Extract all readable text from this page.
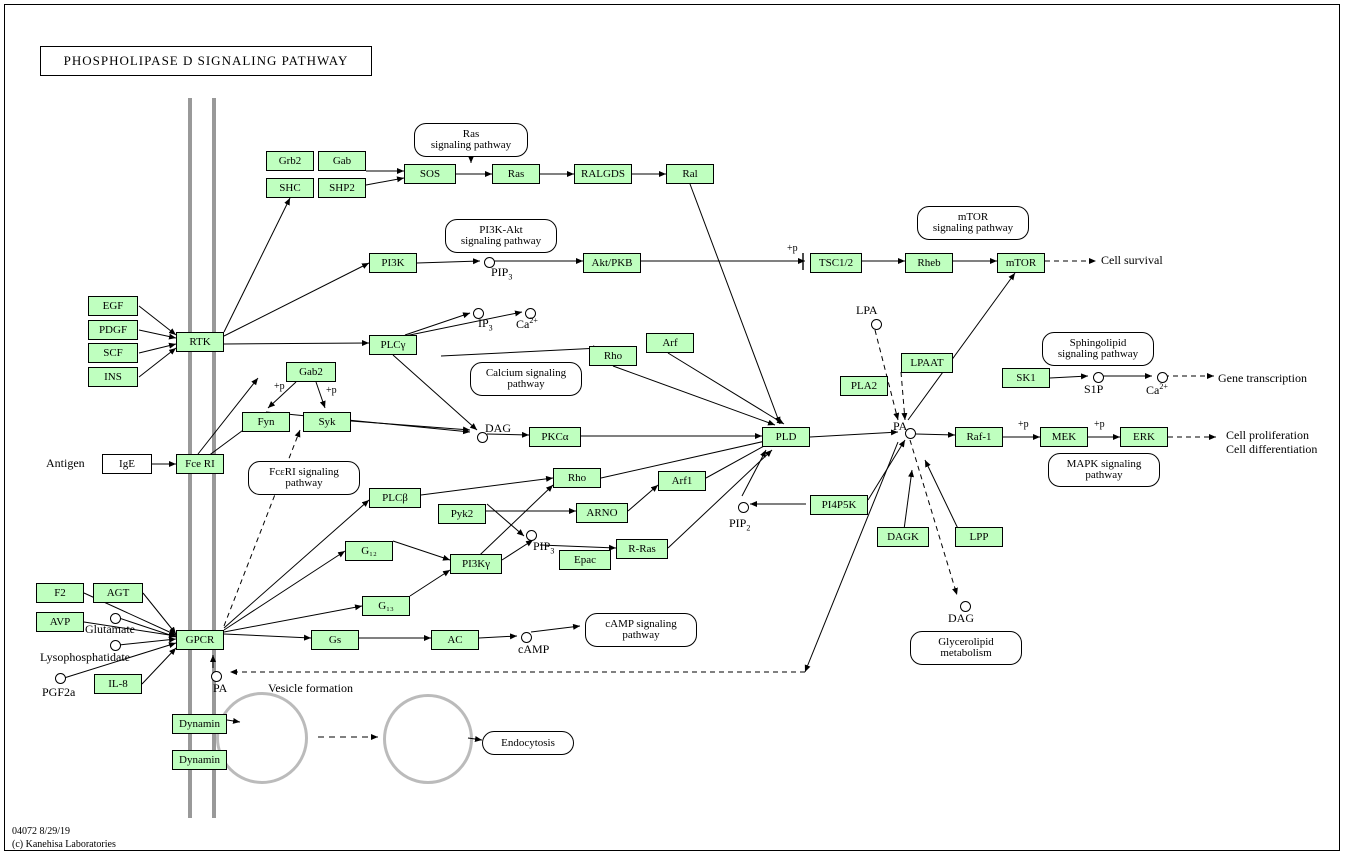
PHOSPHOLIPASE D SIGNALING PATHWAY
Grb2	Gab
SHC	SHP2
SOS	Ras	RALGDS	Ral
PI3K	Akt/PKB	TSC1/2	Rheb	mTOR
EGF
PDGF
SCF
INS
RTK	PLCγ
Rho
Arf
SK1
LPAAT
PLA2
Gab2
Fyn	Syk
Fce RI
PKCα	PLD	Raf-1	MEK	ERK
PLCβ
Rho	Arf1
Pyk2	ARNO
PI4P5K
G₁₂
PI3Kγ
R-Ras
DAGK	LPP
Epac
G₁₃
F2	AGT
AVP
GPCR	Gs	AC
IL-8
Dynamin
Dynamin
IgE
Ras
signaling pathway
PI3K-Akt
signaling pathway
mTOR
signaling pathway
Calcium signaling
pathway
Sphingolipid
signaling pathway
FcεRI signaling
pathway
MAPK signaling
pathway
cAMP signaling
pathway
Glycerolipid
metabolism
Endocytosis
$PIP_3$
$IP_3$ $Ca^{2+}$
Antigen
DAG
$PIP_2$
$PIP_3$
LPA
PA
S1P	$Ca^{2+}$
DAG
cAMP
Glutamate
Lysophosphatidate
PGF2a	PA	Vesicle formation
Cell survival
Gene transcription
Cell proliferation
Cell differentiation
+p
+p	+p
+p	+p
04072 8/29/19
(c) Kanehisa Laboratories
